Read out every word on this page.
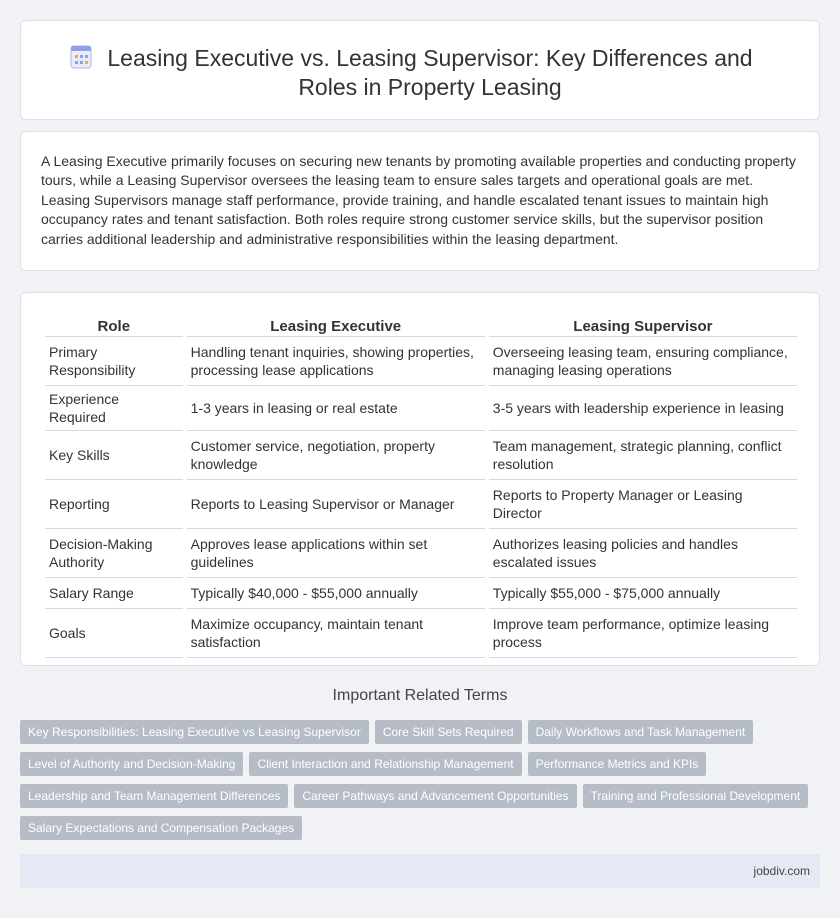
Leasing Executive vs. Leasing Supervisor: Key Differences and Roles in Property Leasing

A Leasing Executive primarily focuses on securing new tenants by promoting available properties and conducting property tours, while a Leasing Supervisor oversees the leasing team to ensure sales targets and operational goals are met. Leasing Supervisors manage staff performance, provide training, and handle escalated tenant issues to maintain high occupancy rates and tenant satisfaction. Both roles require strong customer service skills, but the supervisor position carries additional leadership and administrative responsibilities within the leasing department.

Role	Leasing Executive	Leasing Supervisor
Primary Responsibility	Handling tenant inquiries, showing properties, processing lease applications	Overseeing leasing team, ensuring compliance, managing leasing operations
Experience Required	1-3 years in leasing or real estate	3-5 years with leadership experience in leasing
Key Skills	Customer service, negotiation, property knowledge	Team management, strategic planning, conflict resolution
Reporting	Reports to Leasing Supervisor or Manager	Reports to Property Manager or Leasing Director
Decision-Making Authority	Approves lease applications within set guidelines	Authorizes leasing policies and handles escalated issues
Salary Range	Typically $40,000 - $55,000 annually	Typically $55,000 - $75,000 annually
Goals	Maximize occupancy, maintain tenant satisfaction	Improve team performance, optimize leasing process
Important Related Terms
Key Responsibilities: Leasing Executive vs Leasing Supervisor	Core Skill Sets Required	Daily Workflows and Task Management
Level of Authority and Decision-Making	Client Interaction and Relationship Management	Performance Metrics and KPIs
Leadership and Team Management Differences	Career Pathways and Advancement Opportunities	Training and Professional Development
Salary Expectations and Compensation Packages
jobdiv.com
